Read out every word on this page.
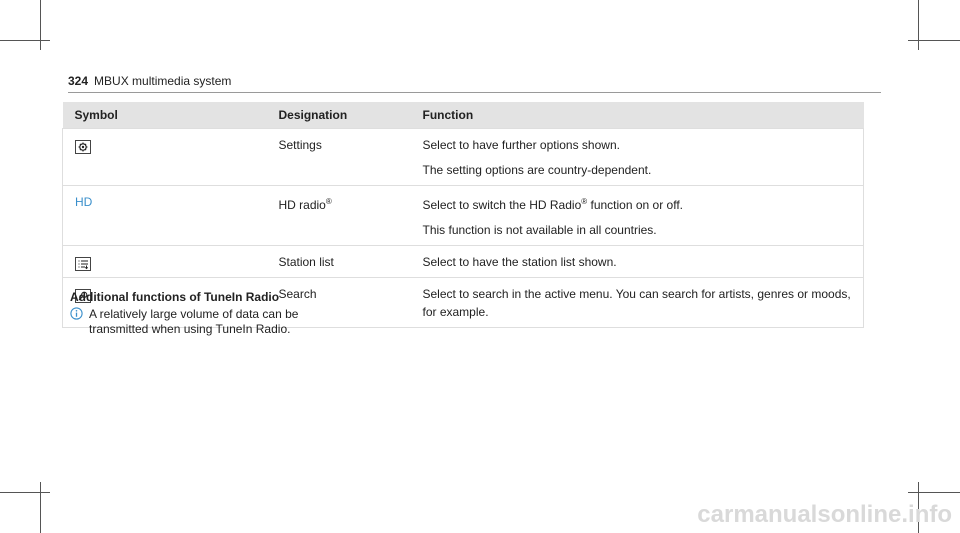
324 MBUX multimedia system
Symbol	Designation	Function

	Settings	Select to have further options shown.

The setting options are country-dependent.

HD	HD radio®	Select to switch the HD Radio® function on or off.

This function is not available in all countries.

	Station list	Select to have the station list shown.

	Search	Select to search in the active menu. You can search for artists, genres or moods, for example.

Additional functions of TuneIn Radio
A relatively large volume of data can be transmitted when using TuneIn Radio.
carmanualsonline.info
